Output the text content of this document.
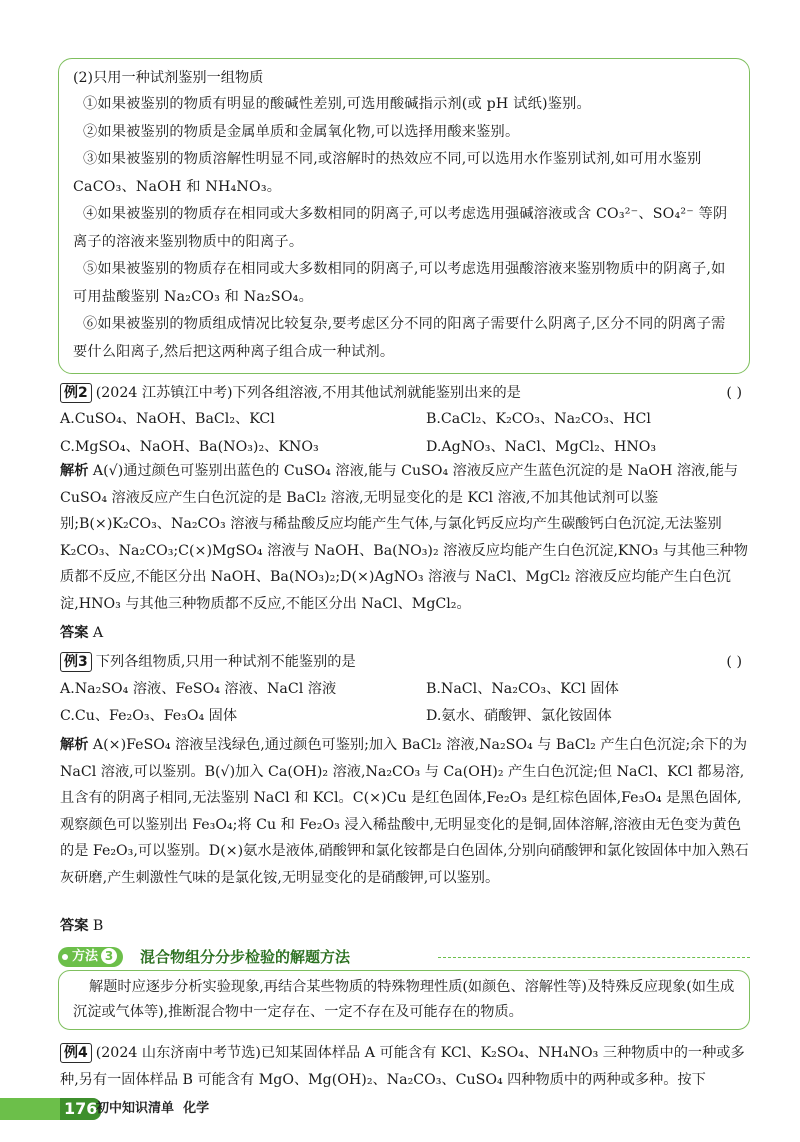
(2)只用一种试剂鉴别一组物质
①如果被鉴别的物质有明显的酸碱性差别,可选用酸碱指示剂(或 pH 试纸)鉴别。
②如果被鉴别的物质是金属单质和金属氧化物,可以选择用酸来鉴别。
③如果被鉴别的物质溶解性明显不同,或溶解时的热效应不同,可以选用水作鉴别试剂,如可用水鉴别 CaCO₃、NaOH 和 NH₄NO₃。
④如果被鉴别的物质存在相同或大多数相同的阴离子,可以考虑选用强碱溶液或含 CO₃²⁻、SO₄²⁻ 等阴离子的溶液来鉴别物质中的阳离子。
⑤如果被鉴别的物质存在相同或大多数相同的阴离子,可以考虑选用强酸溶液来鉴别物质中的阴离子,如可用盐酸鉴别 Na₂CO₃ 和 Na₂SO₄。
⑥如果被鉴别的物质组成情况比较复杂,要考虑区分不同的阳离子需要什么阴离子,区分不同的阴离子需要什么阳离子,然后把这两种离子组合成一种试剂。
例2 (2024 江苏镇江中考)下列各组溶液,不用其他试剂就能鉴别出来的是	( )
A.CuSO₄、NaOH、BaCl₂、KCl	B.CaCl₂、K₂CO₃、Na₂CO₃、HCl
C.MgSO₄、NaOH、Ba(NO₃)₂、KNO₃	D.AgNO₃、NaCl、MgCl₂、HNO₃
解析 A(√)通过颜色可鉴别出蓝色的 CuSO₄ 溶液,能与 CuSO₄ 溶液反应产生蓝色沉淀的是 NaOH 溶液,能与 CuSO₄ 溶液反应产生白色沉淀的是 BaCl₂ 溶液,无明显变化的是 KCl 溶液,不加其他试剂可以鉴别;B(×)K₂CO₃、Na₂CO₃ 溶液与稀盐酸反应均能产生气体,与氯化钙反应均产生碳酸钙白色沉淀,无法鉴别 K₂CO₃、Na₂CO₃;C(×)MgSO₄ 溶液与 NaOH、Ba(NO₃)₂ 溶液反应均能产生白色沉淀,KNO₃ 与其他三种物质都不反应,不能区分出 NaOH、Ba(NO₃)₂;D(×)AgNO₃ 溶液与 NaCl、MgCl₂ 溶液反应均能产生白色沉淀,HNO₃ 与其他三种物质都不反应,不能区分出 NaCl、MgCl₂。
答案 A
例3 下列各组物质,只用一种试剂不能鉴别的是	( )
A.Na₂SO₄ 溶液、FeSO₄ 溶液、NaCl 溶液	B.NaCl、Na₂CO₃、KCl 固体
C.Cu、Fe₂O₃、Fe₃O₄ 固体	D.氨水、硝酸钾、氯化铵固体
解析 A(×)FeSO₄ 溶液呈浅绿色,通过颜色可鉴别;加入 BaCl₂ 溶液,Na₂SO₄ 与 BaCl₂ 产生白色沉淀;余下的为 NaCl 溶液,可以鉴别。B(√)加入 Ca(OH)₂ 溶液,Na₂CO₃ 与 Ca(OH)₂ 产生白色沉淀;但 NaCl、KCl 都易溶,且含有的阴离子相同,无法鉴别 NaCl 和 KCl。C(×)Cu 是红色固体,Fe₂O₃ 是红棕色固体,Fe₃O₄ 是黑色固体,观察颜色可以鉴别出 Fe₃O₄;将 Cu 和 Fe₂O₃ 浸入稀盐酸中,无明显变化的是铜,固体溶解,溶液由无色变为黄色的是 Fe₂O₃,可以鉴别。D(×)氨水是液体,硝酸钾和氯化铵都是白色固体,分别向硝酸钾和氯化铵固体中加入熟石灰研磨,产生刺激性气味的是氯化铵,无明显变化的是硝酸钾,可以鉴别。
答案 B
方法 3	混合物组分分步检验的解题方法
解题时应逐步分析实验现象,再结合某些物质的特殊物理性质(如颜色、溶解性等)及特殊反应现象(如生成沉淀或气体等),推断混合物中一定存在、一定不存在及可能存在的物质。
例4 (2024 山东济南中考节选)已知某固体样品 A 可能含有 KCl、K₂SO₄、NH₄NO₃ 三种物质中的一种或多种,另有一固体样品 B 可能含有 MgO、Mg(OH)₂、Na₂CO₃、CuSO₄ 四种物质中的两种或多种。按下
176
初中知识清单 化学
